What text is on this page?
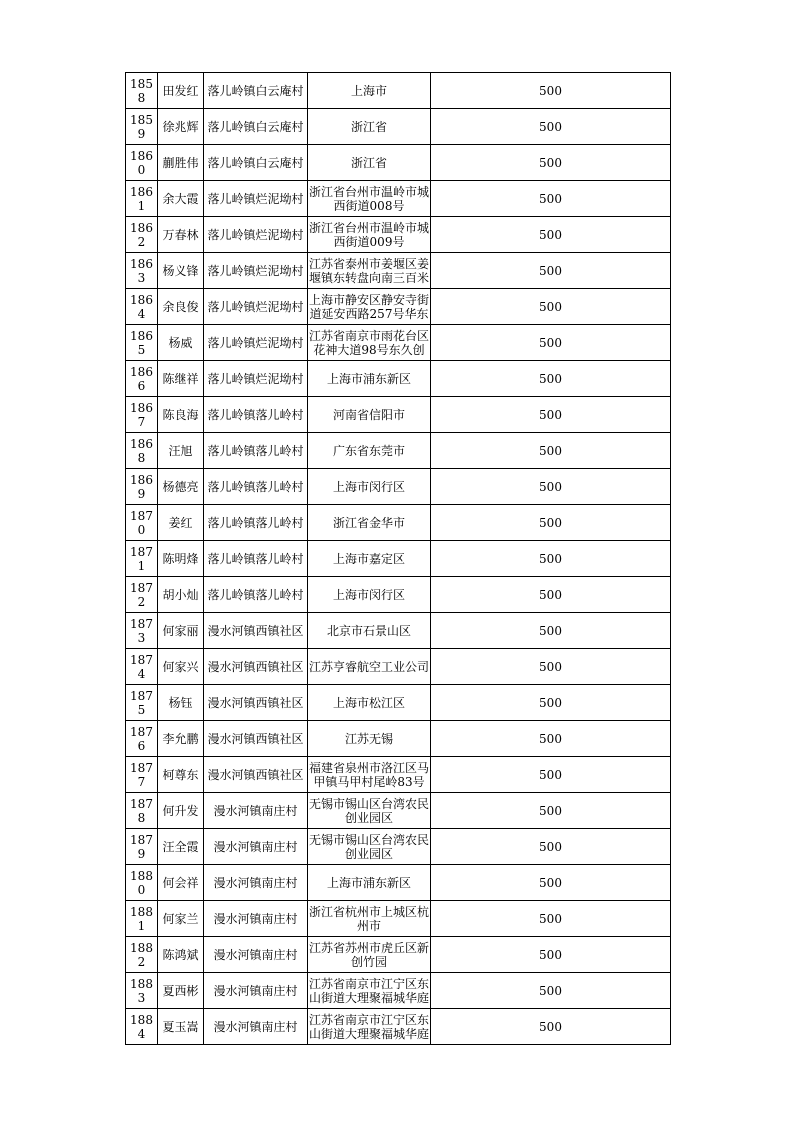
1858	田发红	落儿岭镇白云庵村	上海市	500

1859	徐兆辉	落儿岭镇白云庵村	浙江省	500

1860	蒯胜伟	落儿岭镇白云庵村	浙江省	500

1861	余大霞	落儿岭镇烂泥坳村	浙江省台州市温岭市城西街道008号	500

1862	万春林	落儿岭镇烂泥坳村	浙江省台州市温岭市城西街道009号	500

1863	杨义锋	落儿岭镇烂泥坳村	江苏省泰州市姜堰区姜堰镇东转盘向南三百米	500

1864	余良俊	落儿岭镇烂泥坳村	上海市静安区静安寺街道延安西路257号华东	500

1865	杨威	落儿岭镇烂泥坳村	江苏省南京市雨花台区花神大道98号东久创	500

1866	陈继祥	落儿岭镇烂泥坳村	上海市浦东新区	500

1867	陈良海	落儿岭镇落儿岭村	河南省信阳市	500

1868	汪旭	落儿岭镇落儿岭村	广东省东莞市	500

1869	杨德亮	落儿岭镇落儿岭村	上海市闵行区	500

1870	姜红	落儿岭镇落儿岭村	浙江省金华市	500

1871	陈明烽	落儿岭镇落儿岭村	上海市嘉定区	500

1872	胡小灿	落儿岭镇落儿岭村	上海市闵行区	500

1873	何家丽	漫水河镇西镇社区	北京市石景山区	500

1874	何家兴	漫水河镇西镇社区	江苏亨睿航空工业公司	500

1875	杨钰	漫水河镇西镇社区	上海市松江区	500

1876	李允鹏	漫水河镇西镇社区	江苏无锡	500

1877	柯尊东	漫水河镇西镇社区	福建省泉州市洛江区马甲镇马甲村尾岭83号	500

1878	何升发	漫水河镇南庄村	无锡市锡山区台湾农民创业园区	500

1879	汪全霞	漫水河镇南庄村	无锡市锡山区台湾农民创业园区	500

1880	何会祥	漫水河镇南庄村	上海市浦东新区	500

1881	何家兰	漫水河镇南庄村	浙江省杭州市上城区杭州市	500

1882	陈鸿斌	漫水河镇南庄村	江苏省苏州市虎丘区新创竹园	500

1883	夏西彬	漫水河镇南庄村	江苏省南京市江宁区东山街道大理聚福城华庭	500

1884	夏玉嵩	漫水河镇南庄村	江苏省南京市江宁区东山街道大理聚福城华庭	500
